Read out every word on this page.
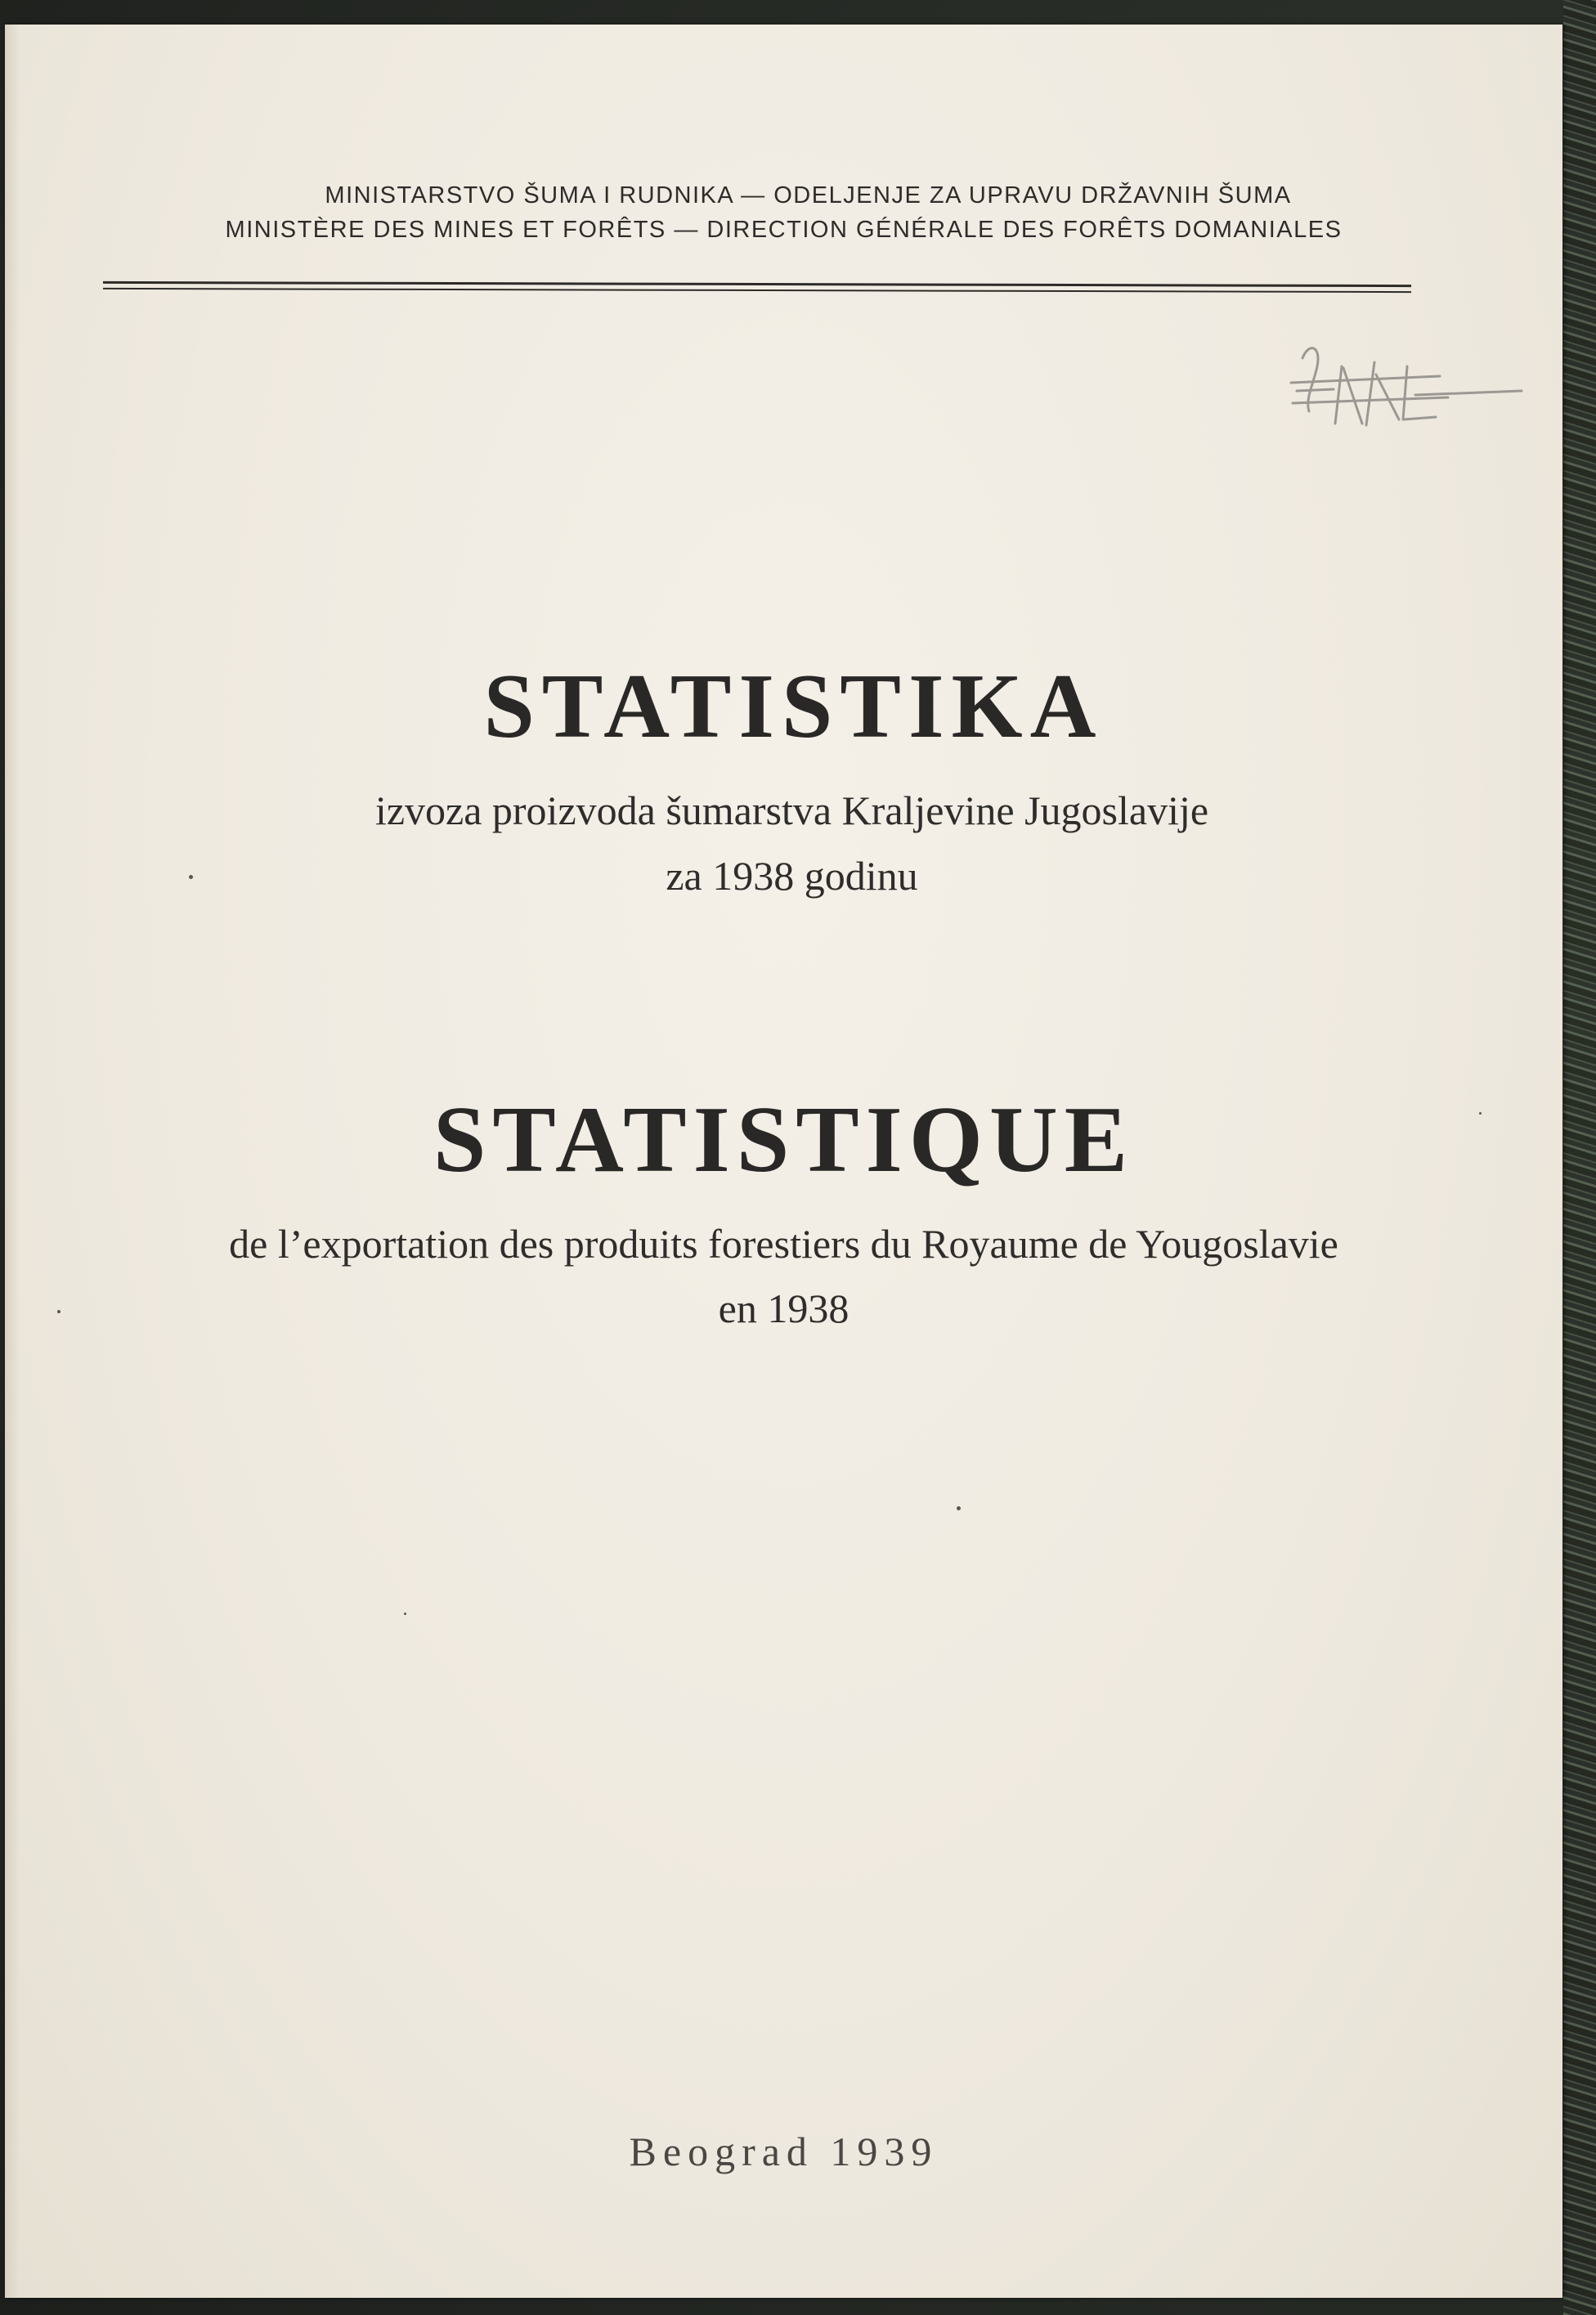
MINISTARSTVO ŠUMA I RUDNIKA — ODELJENJE ZA UPRAVU DRŽAVNIH ŠUMA
MINISTÈRE DES MINES ET FORÊTS — DIRECTION GÉNÉRALE DES FORÊTS DOMANIALES
STATISTIKA
izvoza proizvoda šumarstva Kraljevine Jugoslavije
za 1938 godinu
STATISTIQUE
de l’exportation des produits forestiers du Royaume de Yougoslavie
en 1938
Beograd 1939
